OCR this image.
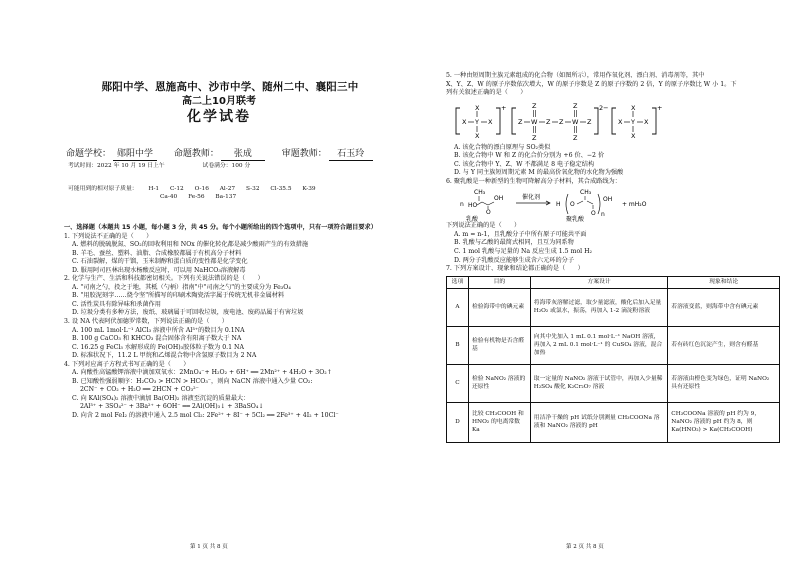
郧阳中学、恩施高中、沙市中学、随州二中、襄阳三中
高二上10月联考
化学试卷
命题学校： 郧阳中学 命题教师： 张成	审题教师： 石玉玲
考试时间：2022 年 10 月 19 日上午	试卷满分：100 分
可能用到的相对原子质量： H-1 C-12 O-16 Al-27 S-32 Cl-35.5 K-39
Ca-40 Fe-56 Ba-137

一、选择题（本题共 15 小题，每小题 3 分，共 45 分。每个小题所给出的四个选项中，只有一项符合题目要求）

1. 下列说法不正确的是（　　）

A. 燃料的脱硫脱氮、SO₂的回收利用和 NOx 的催化转化都是减少酸雨产生的有效措施

B. 羊毛、蚕丝、塑料、油脂、合成橡胶都属于有机高分子材料

C. 石油裂解，煤的干馏，玉米制醇和蛋白质的变性都是化学变化

D. 服用阿司匹林出现水杨酸反应时，可以用 NaHCO₃溶液解毒

2. 化学与生产、生活和科技都密切相关。下列有关说法错误的是（　　）

A. "司南之勺，投之于地，其柢（勺柄）指南"中"司南之勺"的主要成分为 Fe₃O₄

B. "用胶泥刻字……烧令坚"所描写的印刷术陶瓷活字属于传统无机非金属材料

C. 活性炭具有除异味和杀菌作用

D. 垃圾分类有多种方法，废纸、玻璃属于可回收垃圾，废电池、废药品属于有害垃圾

3. 设 NA 代表阿伏加德罗常数，下列说法正确的是（　　）

A. 100 mL 1mol·L⁻¹ AlCl₃ 溶液中所含 Al³⁺的数目为 0.1NA

B. 100 g CaCO₃ 和 KHCO₃ 混合固体含有阳离子数大于 NA

C. 16.25 g FeCl₃ 水解形成的 Fe(OH)₃胶体粒子数为 0.1 NA

D. 标准状况下，11.2 L 甲烷和乙烯混合物中含氢原子数目为 2 NA

4. 下列对应离子方程式书写正确的是（　　）

A. 向酸性高锰酸钾溶液中滴加双氧水：2MnO₄⁻+ H₂O₂ + 6H⁺ ══ 2Mn²⁺ + 4H₂O + 3O₂↑

B. 已知酸性强弱顺序：H₂CO₃ > HCN > HCO₃⁻，则向 NaCN 溶液中通入少量 CO₂:

2CN⁻ + CO₂ + H₂O ══ 2HCN + CO₃²⁻

C. 向 KAl(SO₄)₂ 溶液中滴加 Ba(OH)₂ 溶液至沉淀的质量最大：

2Al³⁺ + 3SO₄²⁻ + 3Ba²⁺ + 6OH⁻ ══ 2Al(OH)₃↓ + 3BaSO₄↓

D. 向含 2 mol FeI₂ 的溶液中通入 2.5 mol Cl₂: 2Fe²⁺ + 8I⁻ + 5Cl₂ ══ 2Fe³⁺ + 4I₂ + 10Cl⁻

第 1 页 共 8 页

5. 一种由短周期主族元素组成的化合物（如图所示），常用作氧化剂、漂白剂、消毒剂等，其中

X、Y、Z、W 的原子序数依次增大，W 的原子序数是 Z 的原子序数的 2 倍，Y 的原子序数比 W 小 1。下

列有关叙述正确的是（　　）

X Y X
X
X
+
Z W Z Z W Z
Z
Z
Z
Z
2−
X Y X
X
X
+

A. 该化合物的漂白原理与 SO₂类似

B. 该化合物中 W 和 Z 的化合价分别为 +6 价、−2 价

C. 该化合物中 Y、Z、W 不都满足 8 电子稳定结构

D. 与 Y 同主族短周期元素 M 的最高价氧化物的水化物为强酸

6. 聚乳酸是一种新型的生物可降解高分子材料，其合成路线为：

n
CH₃
HO
OH
O
催化剂
H O
CH₃
O n
OH
+ mH₂O
乳酸	聚乳酸

下列说法正确的是（　　）

A. m = n-1，且乳酸分子中所有原子可能共平面

B. 乳酸与乙酸的最简式相同，且互为同系物

C. 1 mol 乳酸与足量的 Na 反应生成 1.5 mol H₂

D. 两分子乳酸反应能够生成含六元环的分子

7. 下列方案设计、现象和结论都正确的是（　　）

选项	目的	方案设计	现象和结论
A	检验海带中的碘元素	将海带灰溶解过滤，取少量滤液，酸化后加入足量 H₂O₂ 或氯水，振荡，再加入 1-2 滴淀粉溶液	若溶液变蓝，则海带中含有碘元素
B	检验有机物是否含醛基	向其中先加入 1 mL 0.1 mol·L⁻¹ NaOH 溶液，再加入 2 mL 0.1 mol·L⁻¹ 的 CuSO₄ 溶液，混合加热	若有砖红色沉淀产生，则含有醛基
C	检验 NaNO₂ 溶液的还原性	取一定量的 NaNO₂ 溶液于试管中，再加入少量稀 H₂SO₄ 酸化 K₂Cr₂O₇ 溶液	若溶液由橙色变为绿色，证明 NaNO₂ 具有还原性
D	比较 CH₃COOH 和 HNO₂ 的电离常数 Ka	用洁净干燥的 pH 试纸分别测量 CH₃COONa 溶液和 NaNO₂ 溶液的 pH	CH₃COONa 溶液的 pH 约为 9，NaNO₂ 溶液的 pH 约为 8，则 Ka(HNO₂) > Ka(CH₃COOH)
第 2 页 共 8 页
